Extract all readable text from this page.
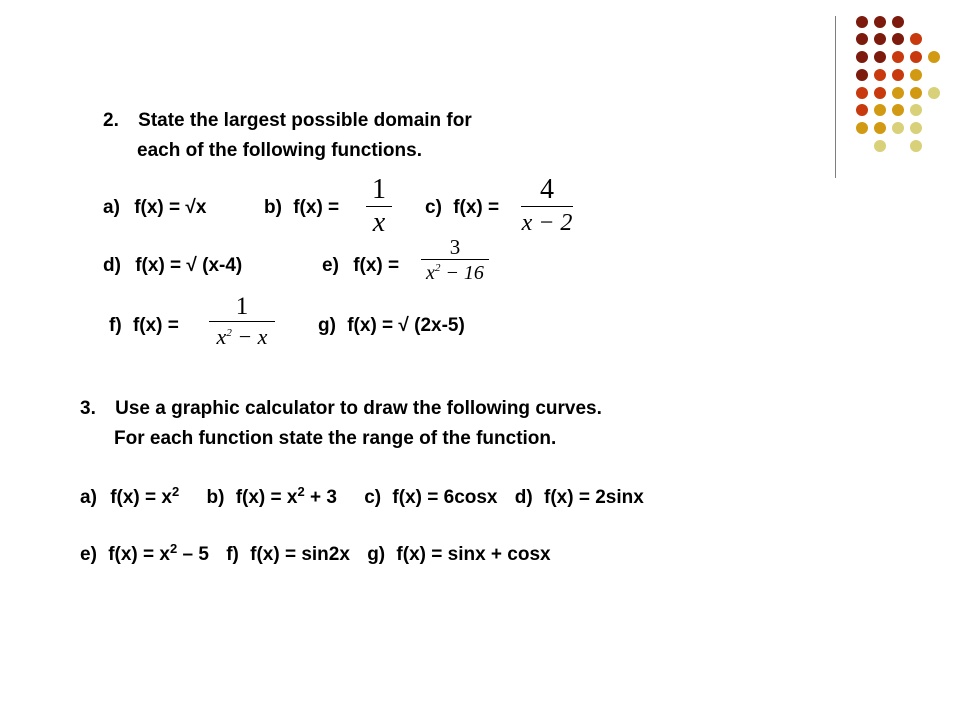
2. State the largest possible domain for
each of the following functions.
a) f(x) = √x	b) f(x) =
1
x	c) f(x) =
4
x − 2
d) f(x) = √ (x-4)	e) f(x) =
3
$x^2 - 16$
f) f(x) =
1
$x^2 - x$	g) f(x) = √ (2x-5)
3. Use a graphic calculator to draw the following curves.
For each function state the range of the function.
a) $f(x) = x^2$ b) $f(x) = x^2 + 3$ c) f(x) = 6cosx d) f(x) = 2sinx
e) $f(x) = x^2 - 5$ f) f(x) = sin2x g) f(x) = sinx + cosx
